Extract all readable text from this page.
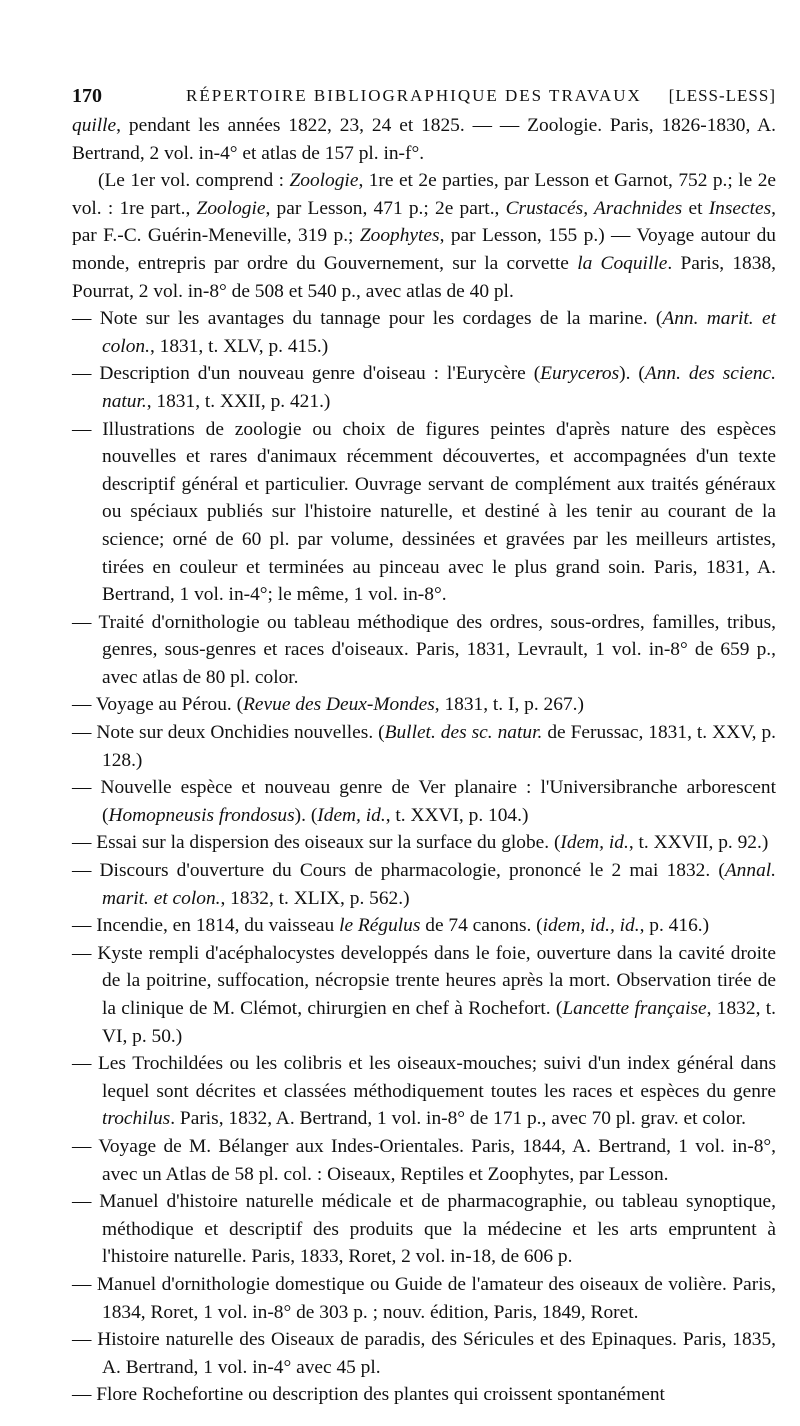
170	RÉPERTOIRE BIBLIOGRAPHIQUE DES TRAVAUX [LESS-LESS]

quille, pendant les années 1822, 23, 24 et 1825. — — Zoologie. Paris, 1826-1830, A. Bertrand, 2 vol. in-4° et atlas de 157 pl. in-f°.

(Le 1er vol. comprend : Zoologie, 1re et 2e parties, par Lesson et Garnot, 752 p.; le 2e vol. : 1re part., Zoologie, par Lesson, 471 p.; 2e part., Crustacés, Arachnides et Insectes, par F.-C. Guérin-Meneville, 319 p.; Zoophytes, par Lesson, 155 p.) — Voyage autour du monde, entrepris par ordre du Gouvernement, sur la corvette la Coquille. Paris, 1838, Pourrat, 2 vol. in-8° de 508 et 540 p., avec atlas de 40 pl.

— Note sur les avantages du tannage pour les cordages de la marine. (Ann. marit. et colon., 1831, t. XLV, p. 415.)

— Description d'un nouveau genre d'oiseau : l'Eurycère (Euryceros). (Ann. des scienc. natur., 1831, t. XXII, p. 421.)

— Illustrations de zoologie ou choix de figures peintes d'après nature des espèces nouvelles et rares d'animaux récemment découvertes, et accompagnées d'un texte descriptif général et particulier. Ouvrage servant de complément aux traités généraux ou spéciaux publiés sur l'histoire naturelle, et destiné à les tenir au courant de la science; orné de 60 pl. par volume, dessinées et gravées par les meilleurs artistes, tirées en couleur et terminées au pinceau avec le plus grand soin. Paris, 1831, A. Bertrand, 1 vol. in-4°; le même, 1 vol. in-8°.

— Traité d'ornithologie ou tableau méthodique des ordres, sous-ordres, familles, tribus, genres, sous-genres et races d'oiseaux. Paris, 1831, Levrault, 1 vol. in-8° de 659 p., avec atlas de 80 pl. color.

— Voyage au Pérou. (Revue des Deux-Mondes, 1831, t. I, p. 267.)

— Note sur deux Onchidies nouvelles. (Bullet. des sc. natur. de Ferussac, 1831, t. XXV, p. 128.)

— Nouvelle espèce et nouveau genre de Ver planaire : l'Universibranche arborescent (Homopneusis frondosus). (Idem, id., t. XXVI, p. 104.)

— Essai sur la dispersion des oiseaux sur la surface du globe. (Idem, id., t. XXVII, p. 92.)

— Discours d'ouverture du Cours de pharmacologie, prononcé le 2 mai 1832. (Annal. marit. et colon., 1832, t. XLIX, p. 562.)

— Incendie, en 1814, du vaisseau le Régulus de 74 canons. (idem, id., id., p. 416.)

— Kyste rempli d'acéphalocystes developpés dans le foie, ouverture dans la cavité droite de la poitrine, suffocation, nécropsie trente heures après la mort. Observation tirée de la clinique de M. Clémot, chirurgien en chef à Rochefort. (Lancette française, 1832, t. VI, p. 50.)

— Les Trochildées ou les colibris et les oiseaux-mouches; suivi d'un index général dans lequel sont décrites et classées méthodiquement toutes les races et espèces du genre trochilus. Paris, 1832, A. Bertrand, 1 vol. in-8° de 171 p., avec 70 pl. grav. et color.

— Voyage de M. Bélanger aux Indes-Orientales. Paris, 1844, A. Bertrand, 1 vol. in-8°, avec un Atlas de 58 pl. col. : Oiseaux, Reptiles et Zoophytes, par Lesson.

— Manuel d'histoire naturelle médicale et de pharmacographie, ou tableau synoptique, méthodique et descriptif des produits que la médecine et les arts empruntent à l'histoire naturelle. Paris, 1833, Roret, 2 vol. in-18, de 606 p.

— Manuel d'ornithologie domestique ou Guide de l'amateur des oiseaux de volière. Paris, 1834, Roret, 1 vol. in-8° de 303 p. ; nouv. édition, Paris, 1849, Roret.

— Histoire naturelle des Oiseaux de paradis, des Séricules et des Epinaques. Paris, 1835, A. Bertrand, 1 vol. in-4° avec 45 pl.

— Flore Rochefortine ou description des plantes qui croissent spontanément
